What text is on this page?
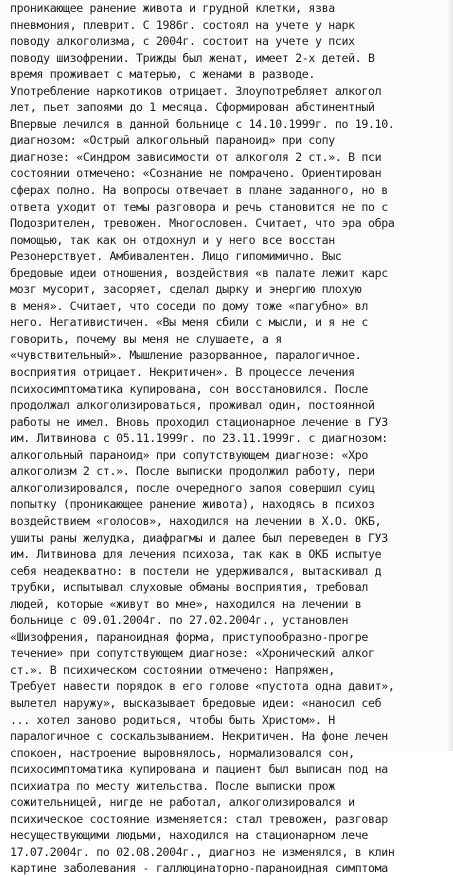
проникающее ранение живота и грудной клетки, язва
пневмония, плеврит. С 1986г. состоял на учете у нарк
поводу алкоголизма, с 2004г. состоит на учете у псих
поводу шизофрении. Трижды был женат, имеет 2-х детей. В
время проживает с матерью, с женами в разводе.
Употребление наркотиков отрицает. Злоупотребляет алкогол
лет, пьет запоями до 1 месяца. Сформирован абстинентный
Впервые лечился в данной больнице с 14.10.1999г. по 19.10.
диагнозом: «Острый алкогольный параноид» при сопу
диагнозе: «Синдром зависимости от алкоголя 2 ст.». В пси
состоянии отмечено: «Сознание не помрачено. Ориентирован
сферах полно. На вопросы отвечает в плане заданного, но в
ответа уходит от темы разговора и речь становится не по с
Подозрителен, тревожен. Многословен. Считает, что эра обра
помощью, так как он отдохнул и у него все восстан
Резонерствует. Амбивалентен. Лицо гипомимично. Выс
бредовые идеи отношения, воздействия «в палате лежит карс
мозг мусорит, засоряет, сделал дырку и энергию плохую
в меня». Считает, что соседи по дому тоже «пагубно» вл
него. Негативистичен. «Вы меня сбили с мысли, и я не с
говорить, почему вы меня не слушаете, а я
«чувствительный». Мышление разорванное, паралогичное.
восприятия отрицает. Некритичен». В процессе лечения
психосимптоматика купирована, сон восстановился. После
продолжал алкоголизироваться, проживал один, постоянной
работы не имел. Вновь проходил стационарное лечение в ГУЗ
им. Литвинова с 05.11.1999г. по 23.11.1999г. с диагнозом:
алкогольный параноид» при сопутствующем диагнозе: «Хро
алкоголизм 2 ст.». После выписки продолжил работу, пери
алкоголизировался, после очередного запоя совершил суиц
попытку (проникающее ранение живота), находясь в психоз
воздействием «голосов», находился на лечении в Х.О. ОКБ,
ушиты раны желудка, диафрагмы и далее был переведен в ГУЗ
им. Литвинова для лечения психоза, так как в ОКБ испытуе
себя неадекватно: в постели не удерживался, вытаскивал д
трубки, испытывал слуховые обманы восприятия, требовал
людей, которые «живут во мне», находился на лечении в
больнице с 09.01.2004г. по 27.02.2004г., установлен
«Шизофрения, параноидная форма, приступообразно-прогре
течение» при сопутствующем диагнозе: «Хронический алког
ст.». В психическом состоянии отмечено: Напряжен,
Требует навести порядок в его голове «пустота одна давит»,
вылетел наружу», высказывает бредовые идеи: «наносил себ
... хотел заново родиться, чтобы быть Христом». Н
паралогичное с соскальзыванием. Некритичен. На фоне лечен
спокоен, настроение выровнялось, нормализовался сон,
психосимптоматика купирована и пациент был выписан под на
психиатра по месту жительства. После выписки прож
сожительницей, нигде не работал, алкоголизировался и
психическое состояние изменяется: стал тревожен, разговар
несуществующими людьми, находился на стационарном лече
17.07.2004г. по 02.08.2004г., диагноз не изменялся, в клин
картине заболевания - галлюцинаторно-параноидная симптома
